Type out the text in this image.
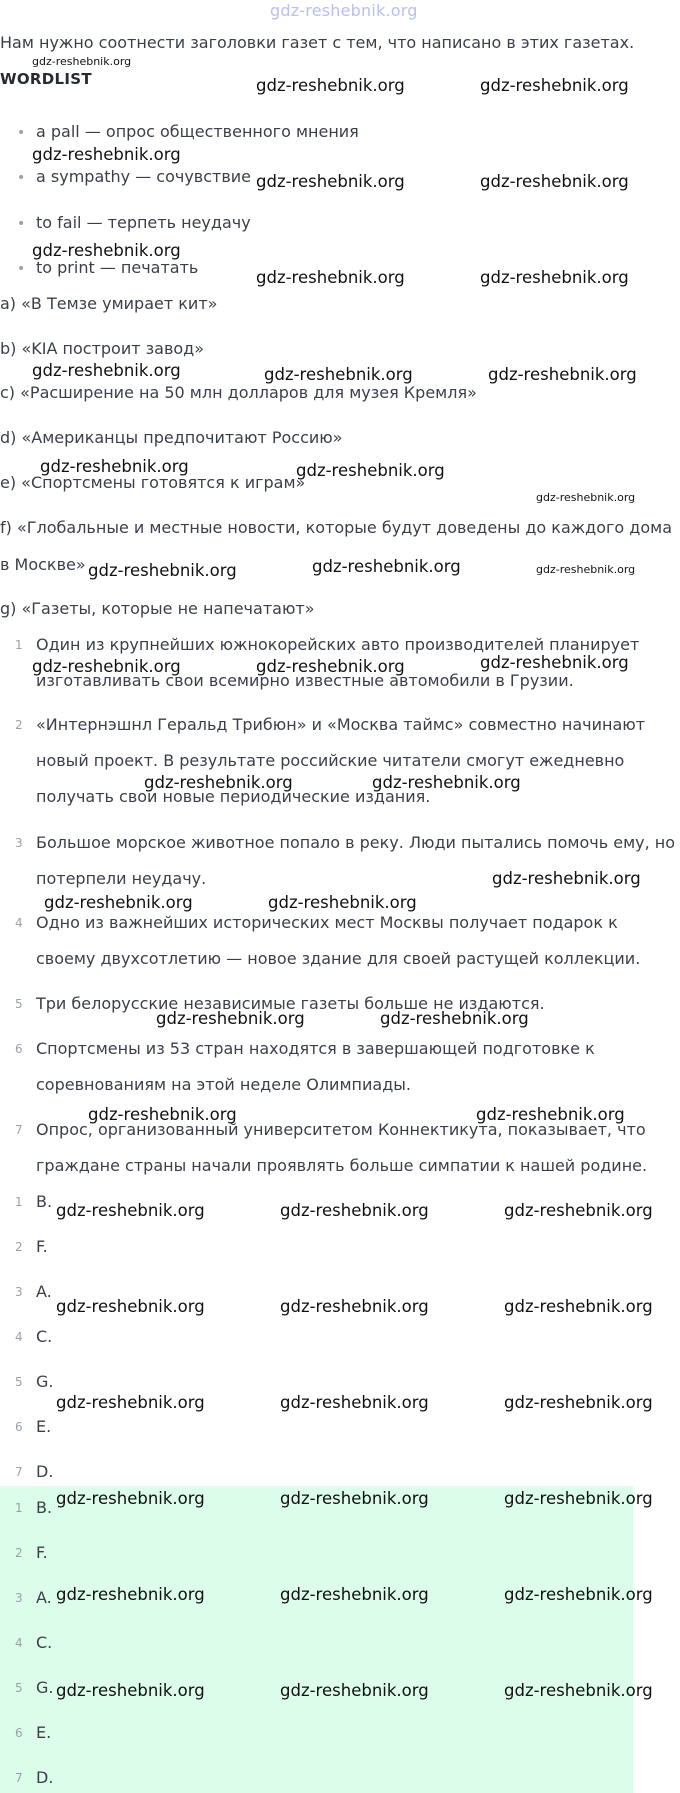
gdz-reshebnik.org
Нам нужно соотнести заголовки газет с тем, что написано в этих газетах.
WORDLIST
• a pall — опрос общественного мнения
• a sympathy — сочувствие
• to fail — терпеть неудачу
• to print — печатать
a) «В Темзе умирает кит»
b) «KIA построит завод»
c) «Расширение на 50 млн долларов для музея Кремля»
d) «Американцы предпочитают Россию»
e) «Спортсмены готовятся к играм»
f) «Глобальные и местные новости, которые будут доведены до каждого дома
в Москве»
g) «Газеты, которые не напечатают»
1 Один из крупнейших южнокорейских авто производителей планирует
изготавливать свои всемирно известные автомобили в Грузии.
2 «Интернэшнл Геральд Трибюн» и «Москва таймс» совместно начинают
новый проект. В результате российские читатели смогут ежедневно
получать свои новые периодические издания.
3 Большое морское животное попало в реку. Люди пытались помочь ему, но
потерпели неудачу.
4 Одно из важнейших исторических мест Москвы получает подарок к
своему двухсотлетию — новое здание для своей растущей коллекции.
5 Три белорусские независимые газеты больше не издаются.
6 Спортсмены из 53 стран находятся в завершающей подготовке к
соревнованиям на этой неделе Олимпиады.
7 Опрос, организованный университетом Коннектикута, показывает, что
граждане страны начали проявлять больше симпатии к нашей родине.
1 B.
2 F.
3 A.
4 C.
5 G.
6 E.
7 D.
1 B.
2 F.
3 A.
4 C.
5 G.
6 E.
7 D.
gdz-reshebnik.org
gdz-reshebnik.org	gdz-reshebnik.org
gdz-reshebnik.org
gdz-reshebnik.org	gdz-reshebnik.org
gdz-reshebnik.org
gdz-reshebnik.org	gdz-reshebnik.org
gdz-reshebnik.org	gdz-reshebnik.org	gdz-reshebnik.org
gdz-reshebnik.org	gdz-reshebnik.org
gdz-reshebnik.org
gdz-reshebnik.org	gdz-reshebnik.org	gdz-reshebnik.org
gdz-reshebnik.org	gdz-reshebnik.org	gdz-reshebnik.org
gdz-reshebnik.org	gdz-reshebnik.org
gdz-reshebnik.org
gdz-reshebnik.org	gdz-reshebnik.org
gdz-reshebnik.org	gdz-reshebnik.org
gdz-reshebnik.org	gdz-reshebnik.org
gdz-reshebnik.org	gdz-reshebnik.org	gdz-reshebnik.org
gdz-reshebnik.org	gdz-reshebnik.org	gdz-reshebnik.org
gdz-reshebnik.org	gdz-reshebnik.org	gdz-reshebnik.org
gdz-reshebnik.org	gdz-reshebnik.org	gdz-reshebnik.org
gdz-reshebnik.org	gdz-reshebnik.org	gdz-reshebnik.org
gdz-reshebnik.org	gdz-reshebnik.org	gdz-reshebnik.org
